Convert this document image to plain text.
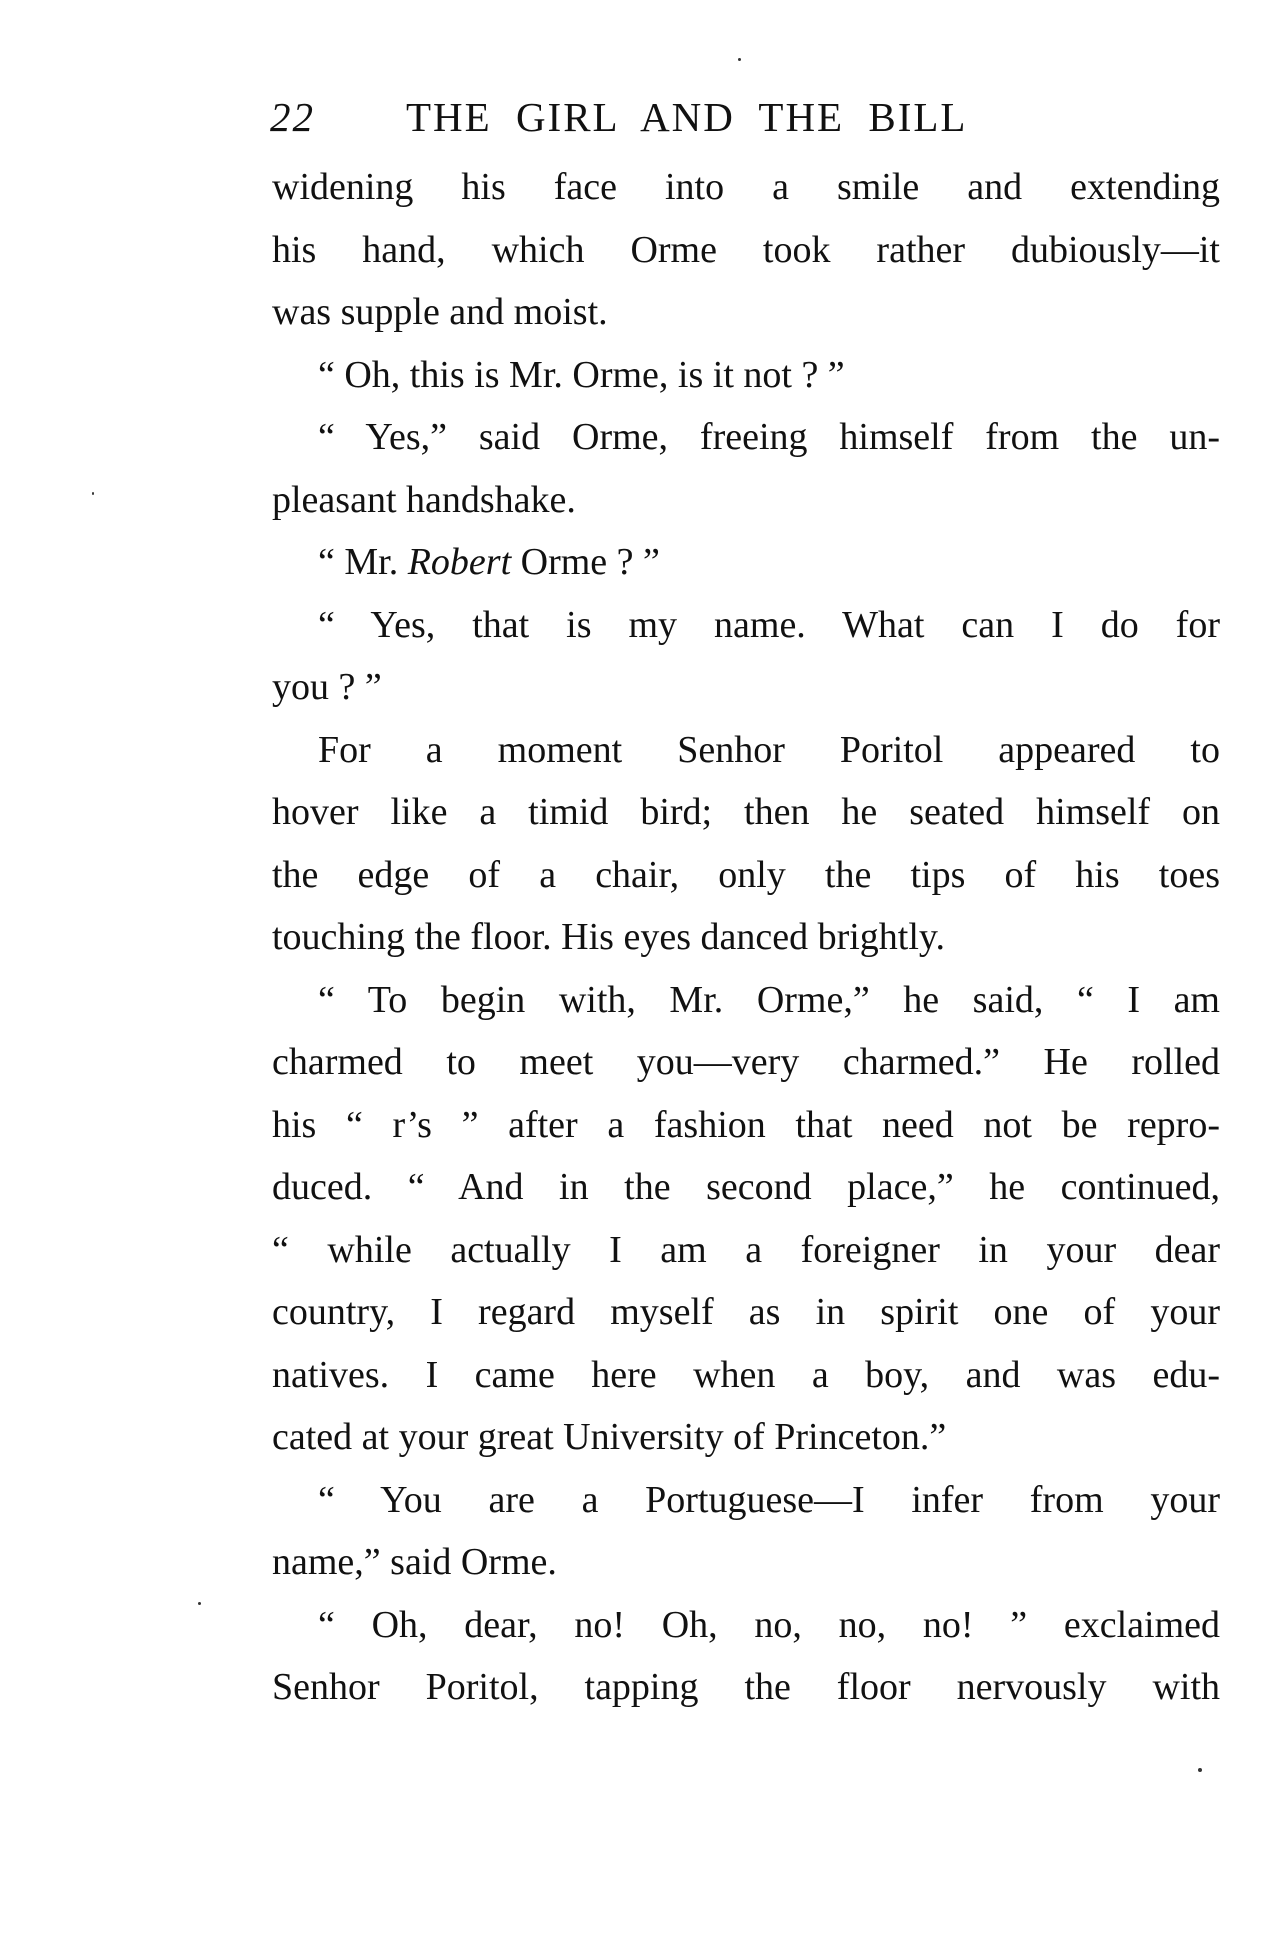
22 THE GIRL AND THE BILL
widening his face into a smile and extending
his hand, which Orme took rather dubiously—it
was supple and moist.
“ Oh, this is Mr. Orme, is it not ? ”
“ Yes,” said Orme, freeing himself from the un-
pleasant handshake.
“ Mr. Robert Orme ? ”
“ Yes, that is my name. What can I do for
you ? ”
For a moment Senhor Poritol appeared to
hover like a timid bird; then he seated himself on
the edge of a chair, only the tips of his toes
touching the floor. His eyes danced brightly.
“ To begin with, Mr. Orme,” he said, “ I am
charmed to meet you—very charmed.” He rolled
his “ r’s ” after a fashion that need not be repro-
duced. “ And in the second place,” he continued,
“ while actually I am a foreigner in your dear
country, I regard myself as in spirit one of your
natives. I came here when a boy, and was edu-
cated at your great University of Princeton.”
“ You are a Portuguese—I infer from your
name,” said Orme.
“ Oh, dear, no! Oh, no, no, no! ” exclaimed
Senhor Poritol, tapping the floor nervously with
